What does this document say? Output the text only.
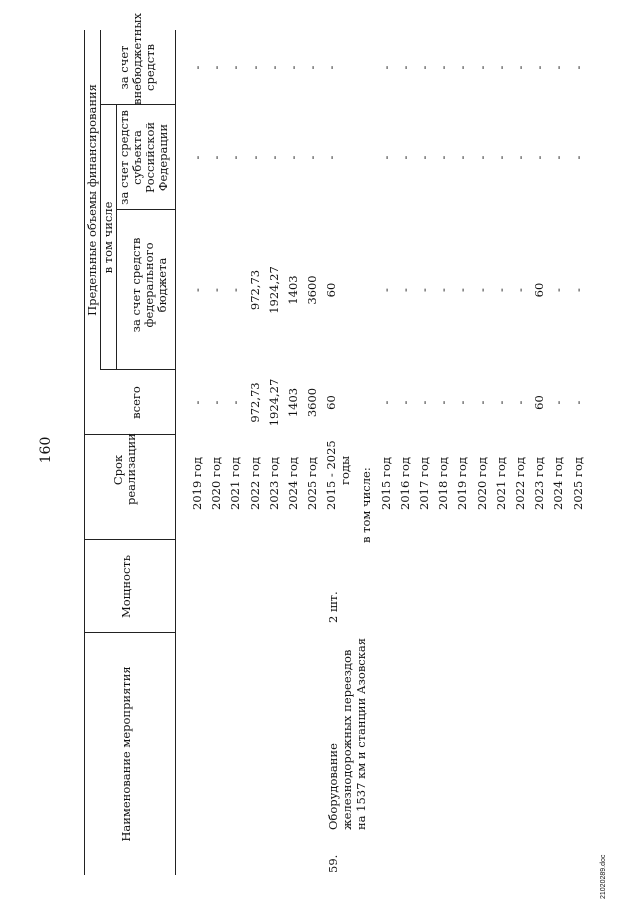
160
Наименование мероприятия
Мощность
Срок реализации
Предельные объемы финансирования
всего
в том числе
за счет средств федерального бюджета
за счет средств субъекта Российской Федерации
за счет внебюджетных средств
59.
Оборудование железнодорожных переездов на 1537 км и станции Азовская
2 шт.
2019 год
-
-
-
-
2020 год
-
-
-
-
2021 год
-
-
-
-
2022 год
972,73
972,73
-
-
2023 год
1924,27
1924,27
-
-
2024 год
1403
1403
-
-
2025 год
3600
3600
-
-
2015 - 2025 годы
60
60
-
-
в том числе: 2015 год
-
-
-
-
2016 год
-
-
-
-
2017 год
-
-
-
-
2018 год
-
-
-
-
2019 год
-
-
-
-
2020 год
-
-
-
-
2021 год
-
-
-
-
2022 год
-
-
-
-
2023 год
60
60
-
-
2024 год
-
-
-
-
2025 год
-
-
-
-
21020289.doc
